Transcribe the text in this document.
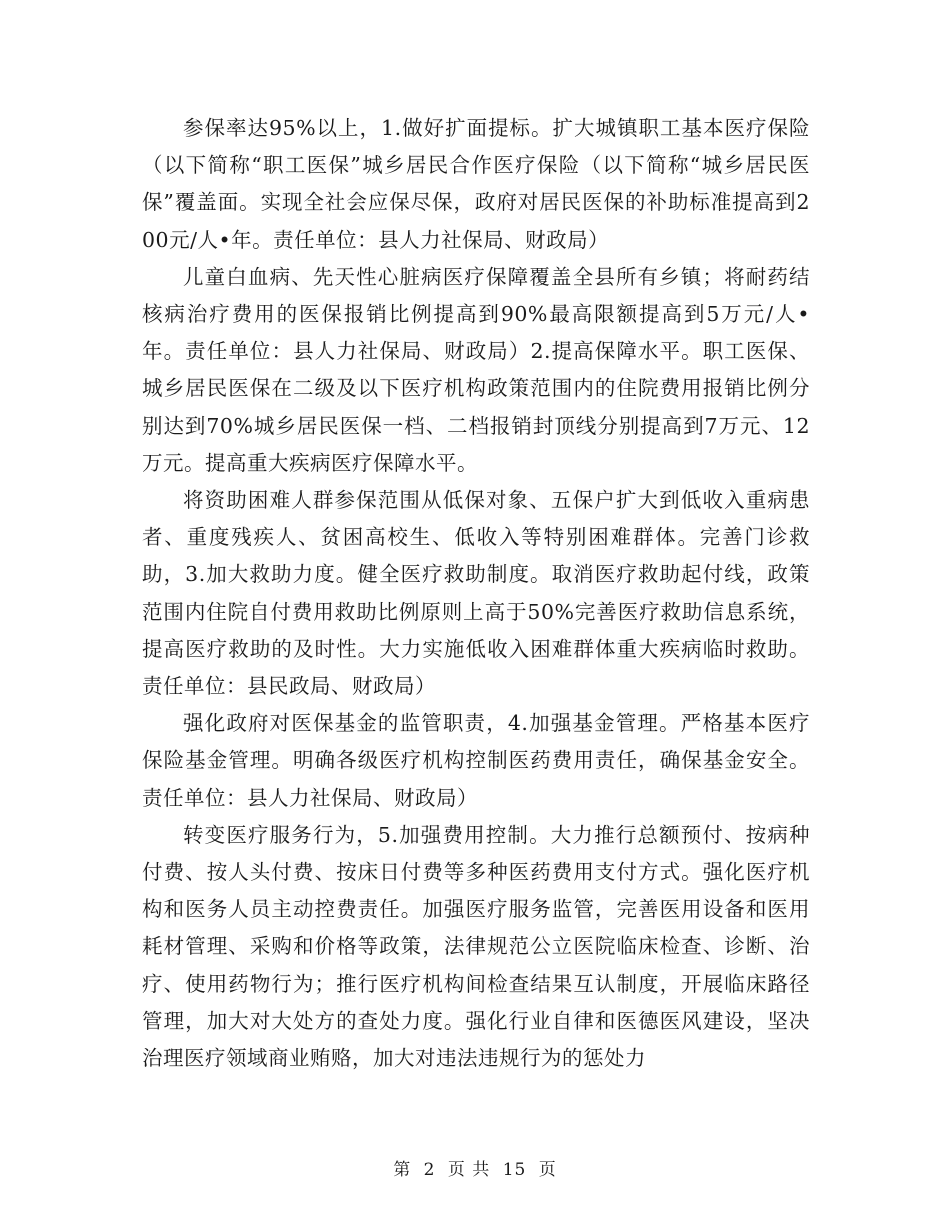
参保率达95%以上，1.做好扩面提标。扩大城镇职工基本医疗保险（以下简称“职工医保”城乡居民合作医疗保险（以下简称“城乡居民医保”覆盖面。实现全社会应保尽保，政府对居民医保的补助标准提高到200元/人•年。责任单位：县人力社保局、财政局）

儿童白血病、先天性心脏病医疗保障覆盖全县所有乡镇；将耐药结核病治疗费用的医保报销比例提高到90%最高限额提高到5万元/人•年。责任单位：县人力社保局、财政局）2.提高保障水平。职工医保、城乡居民医保在二级及以下医疗机构政策范围内的住院费用报销比例分别达到70%城乡居民医保一档、二档报销封顶线分别提高到7万元、12万元。提高重大疾病医疗保障水平。

将资助困难人群参保范围从低保对象、五保户扩大到低收入重病患者、重度残疾人、贫困高校生、低收入等特别困难群体。完善门诊救助，3.加大救助力度。健全医疗救助制度。取消医疗救助起付线，政策范围内住院自付费用救助比例原则上高于50%完善医疗救助信息系统，提高医疗救助的及时性。大力实施低收入困难群体重大疾病临时救助。责任单位：县民政局、财政局）

强化政府对医保基金的监管职责，4.加强基金管理。严格基本医疗保险基金管理。明确各级医疗机构控制医药费用责任，确保基金安全。责任单位：县人力社保局、财政局）

转变医疗服务行为，5.加强费用控制。大力推行总额预付、按病种付费、按人头付费、按床日付费等多种医药费用支付方式。强化医疗机构和医务人员主动控费责任。加强医疗服务监管，完善医用设备和医用耗材管理、采购和价格等政策，法律规范公立医院临床检查、诊断、治疗、使用药物行为；推行医疗机构间检查结果互认制度，开展临床路径管理，加大对大处方的查处力度。强化行业自律和医德医风建设，坚决治理医疗领域商业贿赂，加大对违法违规行为的惩处力

第 2 页 共 15 页
